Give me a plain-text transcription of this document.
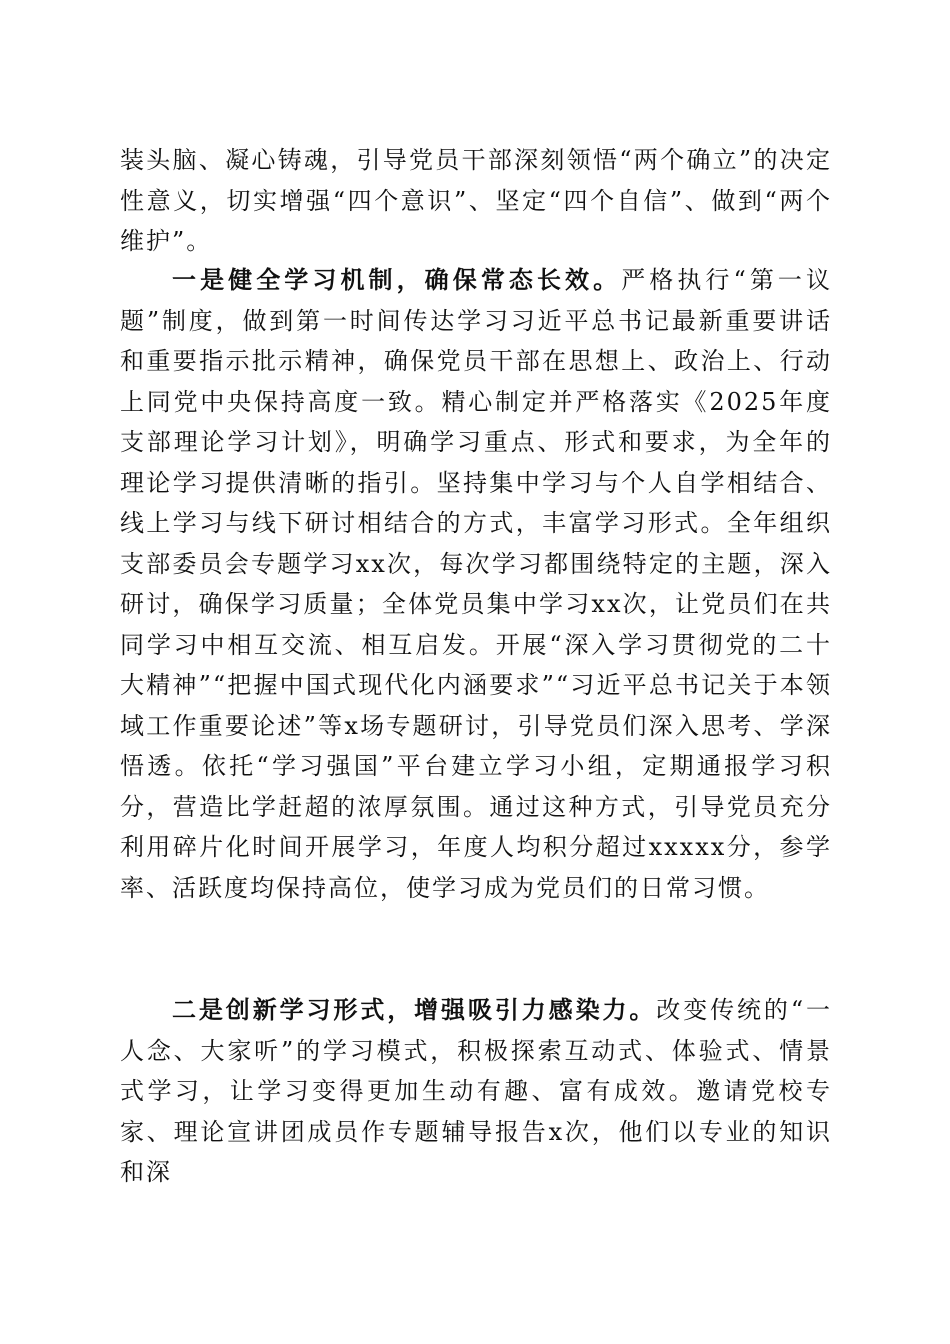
装头脑、凝心铸魂，引导党员干部深刻领悟“两个确立”的决定性意义，切实增强“四个意识”、坚定“四个自信”、做到“两个维护”。

一是健全学习机制，确保常态长效。严格执行“第一议题”制度，做到第一时间传达学习习近平总书记最新重要讲话和重要指示批示精神，确保党员干部在思想上、政治上、行动上同党中央保持高度一致。精心制定并严格落实《2025年度支部理论学习计划》，明确学习重点、形式和要求，为全年的理论学习提供清晰的指引。坚持集中学习与个人自学相结合、线上学习与线下研讨相结合的方式，丰富学习形式。全年组织支部委员会专题学习xx次，每次学习都围绕特定的主题，深入研讨，确保学习质量；全体党员集中学习xx次，让党员们在共同学习中相互交流、相互启发。开展“深入学习贯彻党的二十大精神”“把握中国式现代化内涵要求”“习近平总书记关于本领域工作重要论述”等x场专题研讨，引导党员们深入思考、学深悟透。依托“学习强国”平台建立学习小组，定期通报学习积分，营造比学赶超的浓厚氛围。通过这种方式，引导党员充分利用碎片化时间开展学习，年度人均积分超过xxxxx分，参学率、活跃度均保持高位，使学习成为党员们的日常习惯。

二是创新学习形式，增强吸引力感染力。改变传统的“一人念、大家听”的学习模式，积极探索互动式、体验式、情景式学习，让学习变得更加生动有趣、富有成效。邀请党校专家、理论宣讲团成员作专题辅导报告x次，他们以专业的知识和深
